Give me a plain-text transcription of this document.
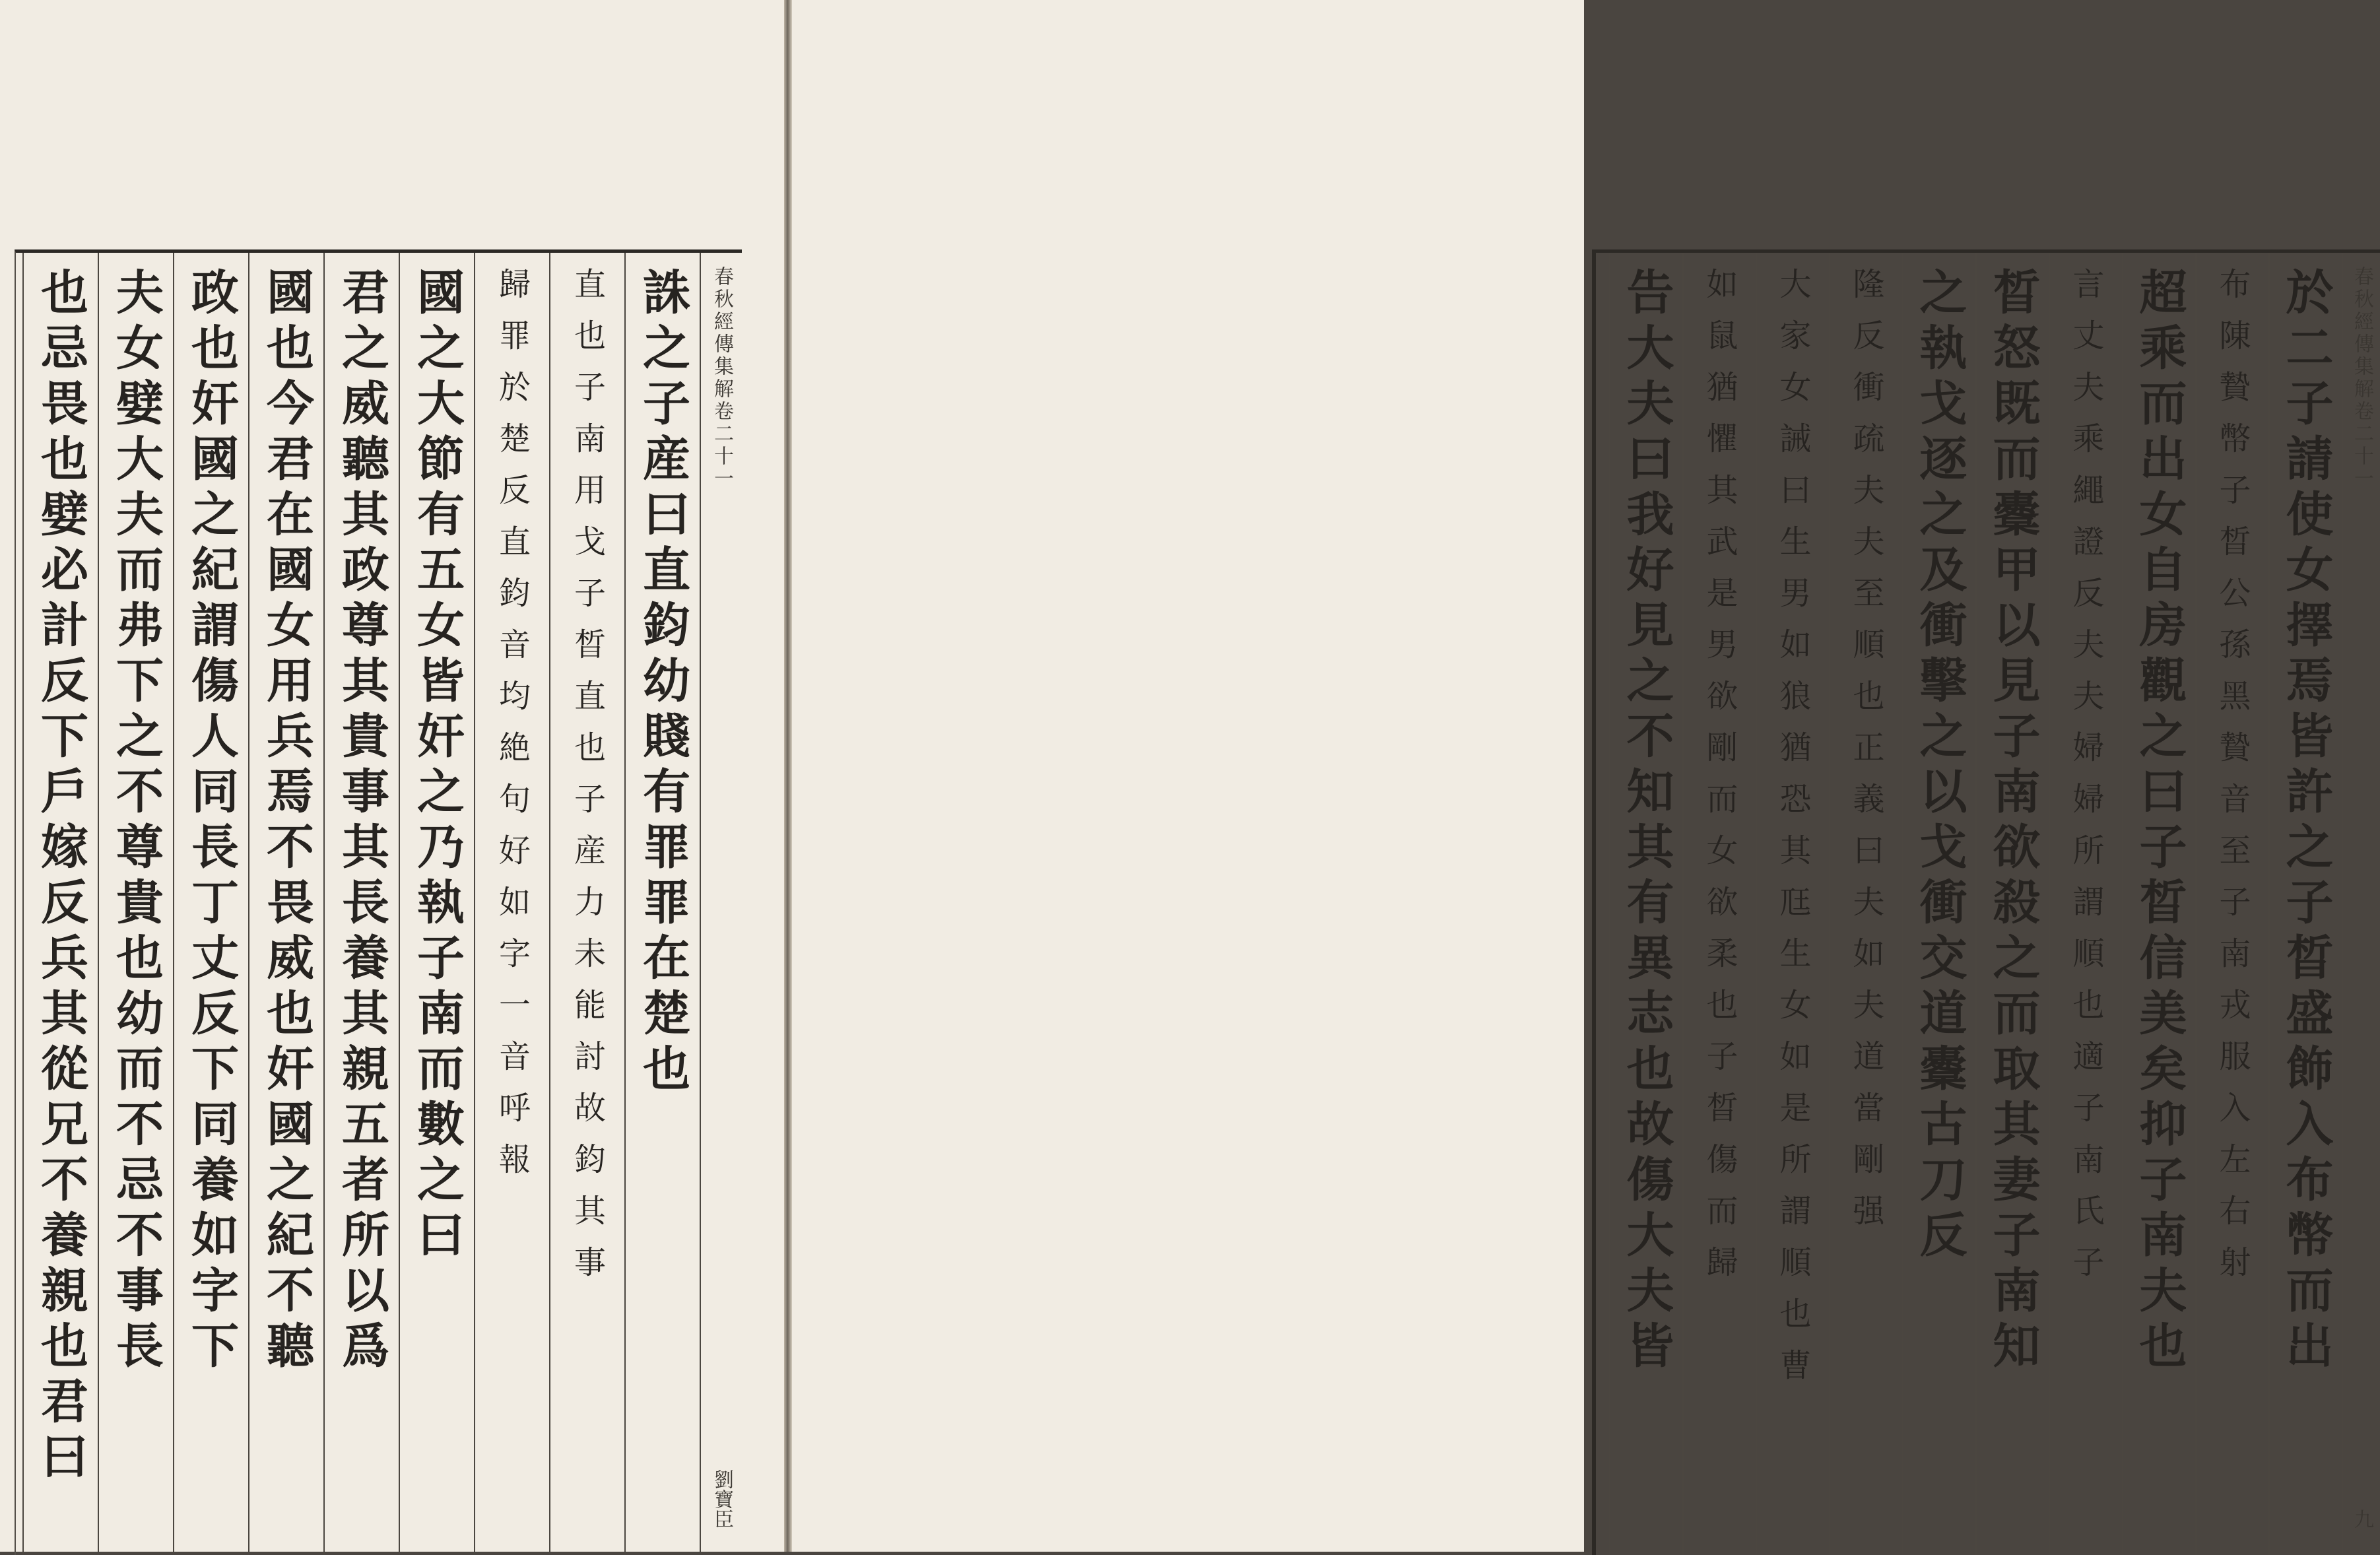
春秋經傳集解卷二十一
劉寶臣
誅之子産曰直鈞幼賤有罪罪在楚也
直也子南用戈子晳直也子産力未能討故鈞其事
歸罪於楚反直鈞音均絶句好如字一音呼報
國之大節有五女皆奸之乃執子南而數之曰
君之威聽其政尊其貴事其長養其親五者所以爲
國也今君在國女用兵焉不畏威也奸國之紀不聽
政也奸國之紀謂傷人同長丁丈反下同養如字下
夫女嬖大夫而弗下之不尊貴也幼而不忌不事長
也忌畏也嬖必計反下戶嫁反兵其從兄不養親也君曰	春秋經傳集解卷二十一
九
於二子請使女擇焉皆許之子晳盛飾入布幣而出
布陳贄幣子晳公孫黑贄音至子南戎服入左右射
超乘而出女自房觀之曰子晳信美矣抑子南夫也
言丈夫乘繩證反夫夫婦婦所謂順也適子南氏子
晳怒既而櫜甲以見子南欲殺之而取其妻子南知
之執戈逐之及衝擊之以戈衝交道櫜古刀反
隆反衝疏夫夫至順也正義曰夫如夫道當剛强
大家女誡曰生男如狼猶恐其尫生女如是所謂順也曹
如鼠猶懼其武是男欲剛而女欲柔也子晳傷而歸
告大夫曰我好見之不知其有異志也故傷大夫皆
